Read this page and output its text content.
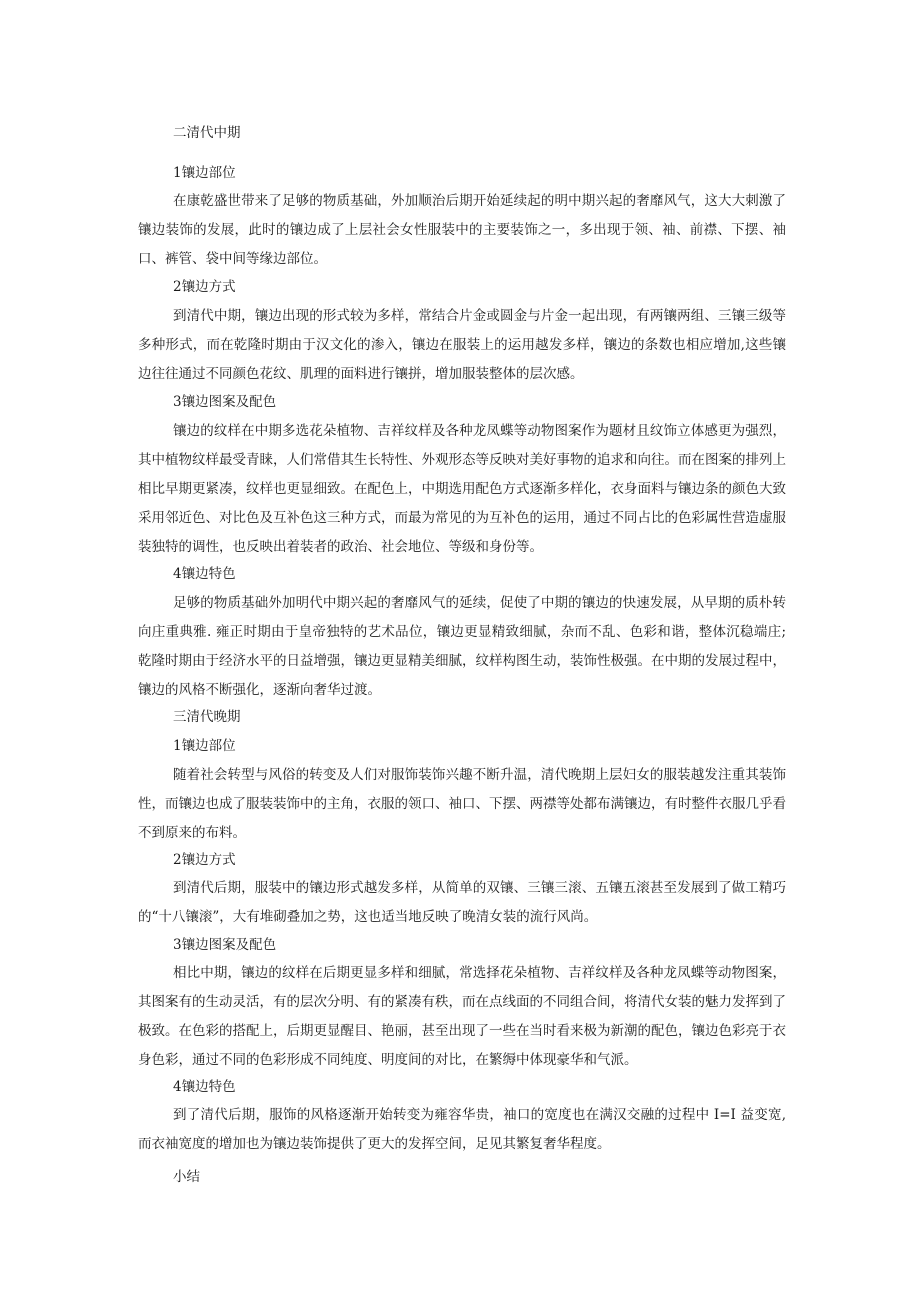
二清代中期
1镶边部位
在康乾盛世带来了足够的物质基础，外加顺治后期开始延续起的明中期兴起的奢靡风气，这大大刺激了镶边装饰的发展，此时的镶边成了上层社会女性服装中的主要装饰之一，多出现于领、袖、前襟、下摆、袖口、裤管、袋中间等缘边部位。
2镶边方式
到清代中期，镶边出现的形式较为多样，常结合片金或圆金与片金一起出现，有两镶两组、三镶三级等多种形式，而在乾隆时期由于汉文化的渗入，镶边在服装上的运用越发多样，镶边的条数也相应增加,这些镶边往往通过不同颜色花纹、肌理的面料进行镶拼，增加服装整体的层次感。
3镶边图案及配色
镶边的纹样在中期多选花朵植物、吉祥纹样及各种龙凤蝶等动物图案作为题材且纹饰立体感更为强烈，其中植物纹样最受青睐，人们常借其生长特性、外观形态等反映对美好事物的追求和向往。而在图案的排列上相比早期更紧凑，纹样也更显细致。在配色上，中期选用配色方式逐渐多样化，衣身面料与镶边条的颜色大致采用邻近色、对比色及互补色这三种方式，而最为常见的为互补色的运用，通过不同占比的色彩属性营造虚服装独特的调性，也反映出着装者的政治、社会地位、等级和身份等。
4镶边特色
足够的物质基础外加明代中期兴起的奢靡风气的延续，促使了中期的镶边的快速发展，从早期的质朴转向庄重典雅. 雍正时期由于皇帝独特的艺术品位，镶边更显精致细腻，杂而不乱、色彩和谐，整体沉稳端庄; 乾隆时期由于经济水平的日益增强，镶边更显精美细腻，纹样构图生动，装饰性极强。在中期的发展过程中，镶边的风格不断强化，逐渐向奢华过渡。
三清代晚期
1镶边部位
随着社会转型与风俗的转变及人们对服饰装饰兴趣不断升温，清代晚期上层妇女的服装越发注重其装饰性，而镶边也成了服装装饰中的主角，衣服的领口、袖口、下摆、两襟等处都布满镶边，有时整件衣服几乎看不到原来的布料。
2镶边方式
到清代后期，服装中的镶边形式越发多样，从简单的双镶、三镶三滚、五镶五滚甚至发展到了做工精巧的“十八镶滚”，大有堆砌叠加之势，这也适当地反映了晚清女装的流行风尚。
3镶边图案及配色
相比中期，镶边的纹样在后期更显多样和细腻，常选择花朵植物、吉祥纹样及各种龙凤蝶等动物图案，其图案有的生动灵活，有的层次分明、有的紧凑有秩，而在点线面的不同组合间，将清代女装的魅力发挥到了极致。在色彩的搭配上，后期更显醒目、艳丽，甚至出现了一些在当时看来极为新潮的配色，镶边色彩亮于衣身色彩，通过不同的色彩形成不同纯度、明度间的对比，在繁缛中体现豪华和气派。
4镶边特色
到了清代后期，服饰的风格逐渐开始转变为雍容华贵，袖口的宽度也在满汉交融的过程中 I=I 益变宽, 而衣袖宽度的增加也为镶边装饰提供了更大的发挥空间，足见其繁复奢华程度。
小结
